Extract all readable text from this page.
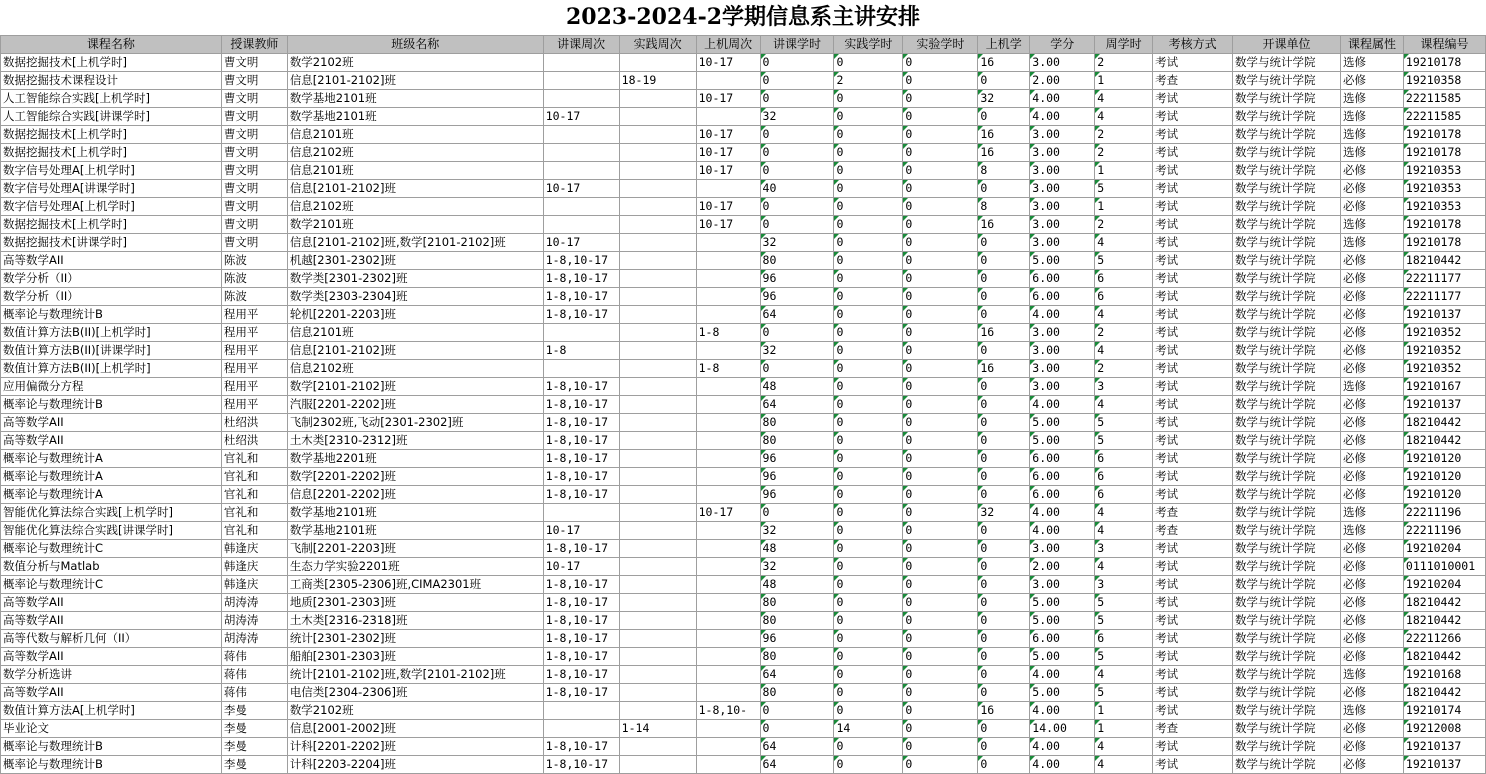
2023-2024-2学期信息系主讲安排
课程名称	授课教师	班级名称	讲课周次	实践周次	上机周次	讲课学时	实践学时	实验学时	上机学	学分	周学时	考核方式	开课单位	课程属性	课程编号
数据挖掘技术[上机学时]	曹文明	数学2102班			10-17	0	0	0	16	3.00	2	考试	数学与统计学院	选修	19210178
数据挖掘技术课程设计	曹文明	信息[2101-2102]班		18-19		0	2	0	0	2.00	1	考查	数学与统计学院	必修	19210358
人工智能综合实践[上机学时]	曹文明	数学基地2101班			10-17	0	0	0	32	4.00	4	考试	数学与统计学院	选修	22211585
人工智能综合实践[讲课学时]	曹文明	数学基地2101班	10-17			32	0	0	0	4.00	4	考试	数学与统计学院	选修	22211585
数据挖掘技术[上机学时]	曹文明	信息2101班			10-17	0	0	0	16	3.00	2	考试	数学与统计学院	选修	19210178
数据挖掘技术[上机学时]	曹文明	信息2102班			10-17	0	0	0	16	3.00	2	考试	数学与统计学院	选修	19210178
数字信号处理A[上机学时]	曹文明	信息2101班			10-17	0	0	0	8	3.00	1	考试	数学与统计学院	必修	19210353
数字信号处理A[讲课学时]	曹文明	信息[2101-2102]班	10-17			40	0	0	0	3.00	5	考试	数学与统计学院	必修	19210353
数字信号处理A[上机学时]	曹文明	信息2102班			10-17	0	0	0	8	3.00	1	考试	数学与统计学院	必修	19210353
数据挖掘技术[上机学时]	曹文明	数学2101班			10-17	0	0	0	16	3.00	2	考试	数学与统计学院	选修	19210178
数据挖掘技术[讲课学时]	曹文明	信息[2101-2102]班,数学[2101-2102]班	10-17			32	0	0	0	3.00	4	考试	数学与统计学院	选修	19210178
高等数学AII	陈波	机越[2301-2302]班	1-8,10-17			80	0	0	0	5.00	5	考试	数学与统计学院	必修	18210442
数学分析（II）	陈波	数学类[2301-2302]班	1-8,10-17			96	0	0	0	6.00	6	考试	数学与统计学院	必修	22211177
数学分析（II）	陈波	数学类[2303-2304]班	1-8,10-17			96	0	0	0	6.00	6	考试	数学与统计学院	必修	22211177
概率论与数理统计B	程用平	轮机[2201-2203]班	1-8,10-17			64	0	0	0	4.00	4	考试	数学与统计学院	必修	19210137
数值计算方法B(II)[上机学时]	程用平	信息2101班			1-8	0	0	0	16	3.00	2	考试	数学与统计学院	必修	19210352
数值计算方法B(II)[讲课学时]	程用平	信息[2101-2102]班	1-8			32	0	0	0	3.00	4	考试	数学与统计学院	必修	19210352
数值计算方法B(II)[上机学时]	程用平	信息2102班			1-8	0	0	0	16	3.00	2	考试	数学与统计学院	必修	19210352
应用偏微分方程	程用平	数学[2101-2102]班	1-8,10-17			48	0	0	0	3.00	3	考试	数学与统计学院	选修	19210167
概率论与数理统计B	程用平	汽服[2201-2202]班	1-8,10-17			64	0	0	0	4.00	4	考试	数学与统计学院	必修	19210137
高等数学AII	杜绍洪	飞制2302班,飞动[2301-2302]班	1-8,10-17			80	0	0	0	5.00	5	考试	数学与统计学院	必修	18210442
高等数学AII	杜绍洪	土木类[2310-2312]班	1-8,10-17			80	0	0	0	5.00	5	考试	数学与统计学院	必修	18210442
概率论与数理统计A	官礼和	数学基地2201班	1-8,10-17			96	0	0	0	6.00	6	考试	数学与统计学院	必修	19210120
概率论与数理统计A	官礼和	数学[2201-2202]班	1-8,10-17			96	0	0	0	6.00	6	考试	数学与统计学院	必修	19210120
概率论与数理统计A	官礼和	信息[2201-2202]班	1-8,10-17			96	0	0	0	6.00	6	考试	数学与统计学院	必修	19210120
智能优化算法综合实践[上机学时]	官礼和	数学基地2101班			10-17	0	0	0	32	4.00	4	考查	数学与统计学院	选修	22211196
智能优化算法综合实践[讲课学时]	官礼和	数学基地2101班	10-17			32	0	0	0	4.00	4	考查	数学与统计学院	选修	22211196
概率论与数理统计C	韩逢庆	飞制[2201-2203]班	1-8,10-17			48	0	0	0	3.00	3	考试	数学与统计学院	必修	19210204
数值分析与Matlab	韩逢庆	生态力学实验2201班	10-17			32	0	0	0	2.00	4	考试	数学与统计学院	必修	0111010001
概率论与数理统计C	韩逢庆	工商类[2305-2306]班,CIMA2301班	1-8,10-17			48	0	0	0	3.00	3	考试	数学与统计学院	必修	19210204
高等数学AII	胡涛涛	地质[2301-2303]班	1-8,10-17			80	0	0	0	5.00	5	考试	数学与统计学院	必修	18210442
高等数学AII	胡涛涛	土木类[2316-2318]班	1-8,10-17			80	0	0	0	5.00	5	考试	数学与统计学院	必修	18210442
高等代数与解析几何（II）	胡涛涛	统计[2301-2302]班	1-8,10-17			96	0	0	0	6.00	6	考试	数学与统计学院	必修	22211266
高等数学AII	蒋伟	船舶[2301-2303]班	1-8,10-17			80	0	0	0	5.00	5	考试	数学与统计学院	必修	18210442
数学分析选讲	蒋伟	统计[2101-2102]班,数学[2101-2102]班	1-8,10-17			64	0	0	0	4.00	4	考试	数学与统计学院	选修	19210168
高等数学AII	蒋伟	电信类[2304-2306]班	1-8,10-17			80	0	0	0	5.00	5	考试	数学与统计学院	必修	18210442
数值计算方法A[上机学时]	李曼	数学2102班			1-8,10-	0	0	0	16	4.00	1	考试	数学与统计学院	选修	19210174
毕业论文	李曼	信息[2001-2002]班		1-14		0	14	0	0	14.00	1	考查	数学与统计学院	必修	19212008
概率论与数理统计B	李曼	计科[2201-2202]班	1-8,10-17			64	0	0	0	4.00	4	考试	数学与统计学院	必修	19210137
概率论与数理统计B	李曼	计科[2203-2204]班	1-8,10-17			64	0	0	0	4.00	4	考试	数学与统计学院	必修	19210137
